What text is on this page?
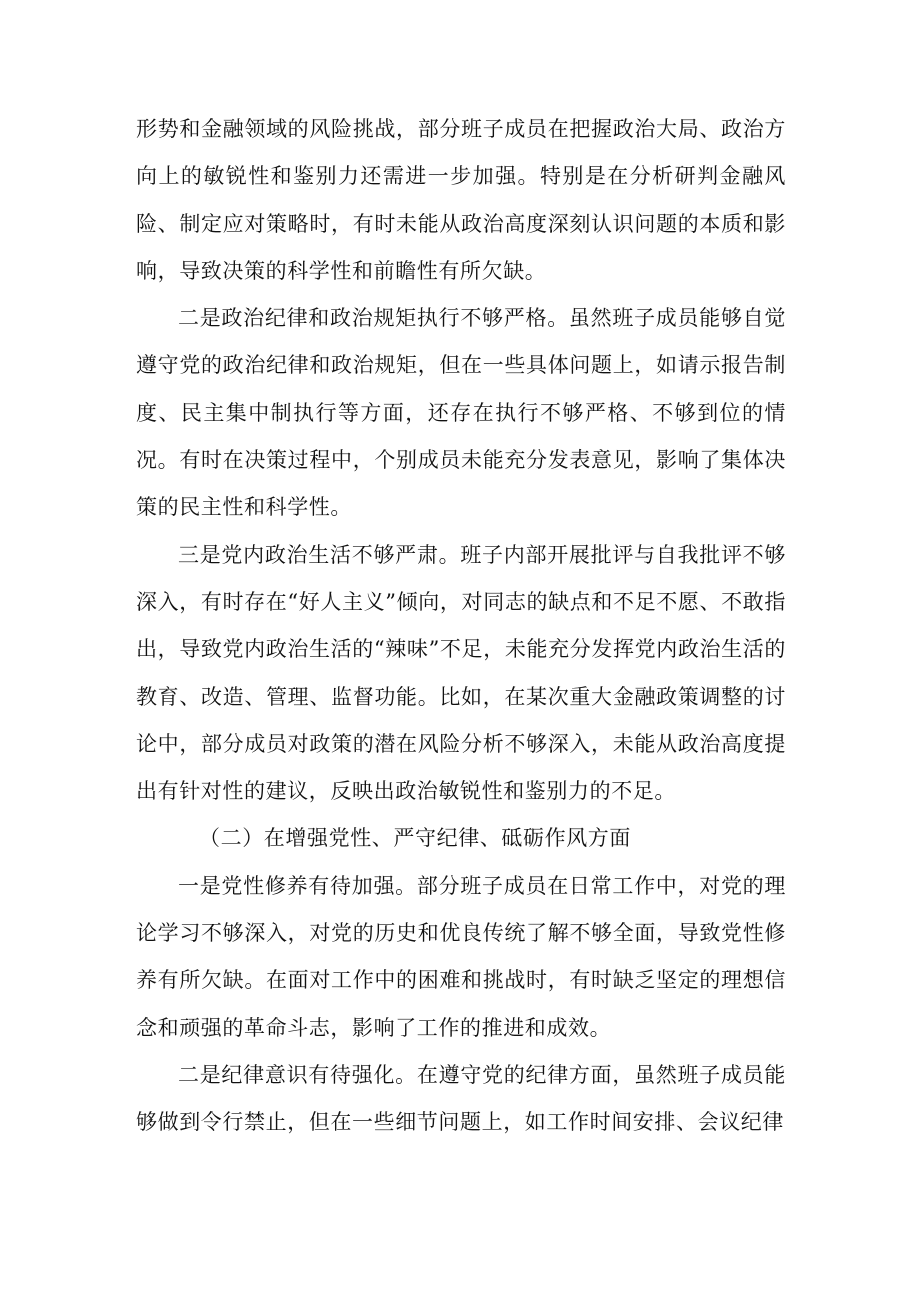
形势和金融领域的风险挑战，部分班子成员在把握政治大局、政治方向上的敏锐性和鉴别力还需进一步加强。特别是在分析研判金融风险、制定应对策略时，有时未能从政治高度深刻认识问题的本质和影响，导致决策的科学性和前瞻性有所欠缺。

二是政治纪律和政治规矩执行不够严格。虽然班子成员能够自觉遵守党的政治纪律和政治规矩，但在一些具体问题上，如请示报告制度、民主集中制执行等方面，还存在执行不够严格、不够到位的情况。有时在决策过程中，个别成员未能充分发表意见，影响了集体决策的民主性和科学性。

三是党内政治生活不够严肃。班子内部开展批评与自我批评不够深入，有时存在“好人主义”倾向，对同志的缺点和不足不愿、不敢指出，导致党内政治生活的“辣味”不足，未能充分发挥党内政治生活的教育、改造、管理、监督功能。比如，在某次重大金融政策调整的讨论中，部分成员对政策的潜在风险分析不够深入，未能从政治高度提出有针对性的建议，反映出政治敏锐性和鉴别力的不足。

（二）在增强党性、严守纪律、砥砺作风方面

一是党性修养有待加强。部分班子成员在日常工作中，对党的理论学习不够深入，对党的历史和优良传统了解不够全面，导致党性修养有所欠缺。在面对工作中的困难和挑战时，有时缺乏坚定的理想信念和顽强的革命斗志，影响了工作的推进和成效。

二是纪律意识有待强化。在遵守党的纪律方面，虽然班子成员能够做到令行禁止，但在一些细节问题上，如工作时间安排、会议纪律
